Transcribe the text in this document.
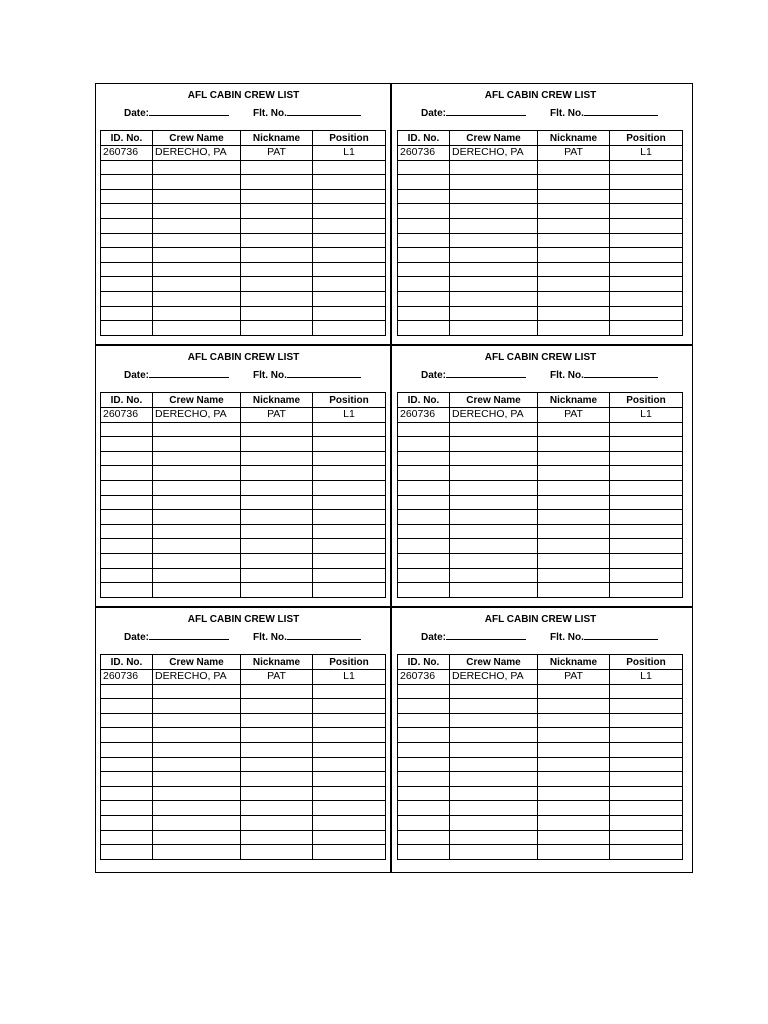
AFL CABIN CREW LIST
Date:	Flt. No.
ID. No.	Crew Name	Nickname	Position
260736	DERECHO, PA	PAT	L1

AFL CABIN CREW LIST
Date:	Flt. No.
ID. No.	Crew Name	Nickname	Position
260736	DERECHO, PA	PAT	L1

AFL CABIN CREW LIST
Date:	Flt. No.
ID. No.	Crew Name	Nickname	Position
260736	DERECHO, PA	PAT	L1

AFL CABIN CREW LIST
Date:	Flt. No.
ID. No.	Crew Name	Nickname	Position
260736	DERECHO, PA	PAT	L1

AFL CABIN CREW LIST
Date:	Flt. No.
ID. No.	Crew Name	Nickname	Position
260736	DERECHO, PA	PAT	L1

AFL CABIN CREW LIST
Date:	Flt. No.
ID. No.	Crew Name	Nickname	Position
260736	DERECHO, PA	PAT	L1
